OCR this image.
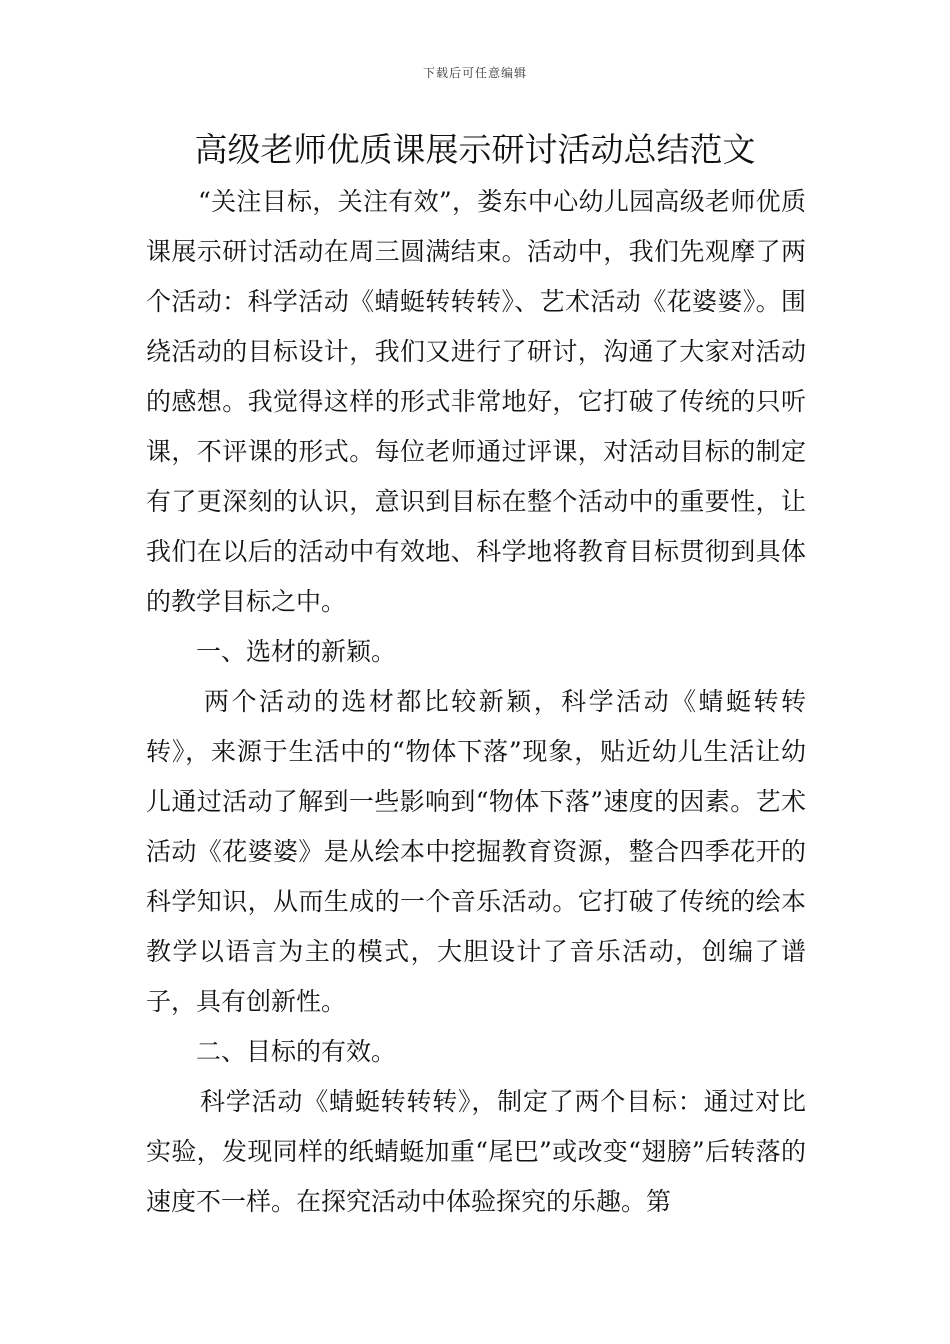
下载后可任意编辑
高级老师优质课展示研讨活动总结范文

“关注目标，关注有效”，娄东中心幼儿园高级老师优质课展示研讨活动在周三圆满结束。活动中，我们先观摩了两个活动：科学活动《蜻蜓转转转》、艺术活动《花婆婆》。围绕活动的目标设计，我们又进行了研讨，沟通了大家对活动的感想。我觉得这样的形式非常地好，它打破了传统的只听课，不评课的形式。每位老师通过评课，对活动目标的制定有了更深刻的认识，意识到目标在整个活动中的重要性，让我们在以后的活动中有效地、科学地将教育目标贯彻到具体的教学目标之中。

一、选材的新颖。

两个活动的选材都比较新颖，科学活动《蜻蜓转转转》，来源于生活中的“物体下落”现象，贴近幼儿生活让幼儿通过活动了解到一些影响到“物体下落”速度的因素。艺术活动《花婆婆》是从绘本中挖掘教育资源，整合四季花开的科学知识，从而生成的一个音乐活动。它打破了传统的绘本教学以语言为主的模式，大胆设计了音乐活动，创编了谱子，具有创新性。

二、目标的有效。

科学活动《蜻蜓转转转》，制定了两个目标：通过对比实验，发现同样的纸蜻蜓加重“尾巴”或改变“翅膀”后转落的速度不一样。在探究活动中体验探究的乐趣。第
